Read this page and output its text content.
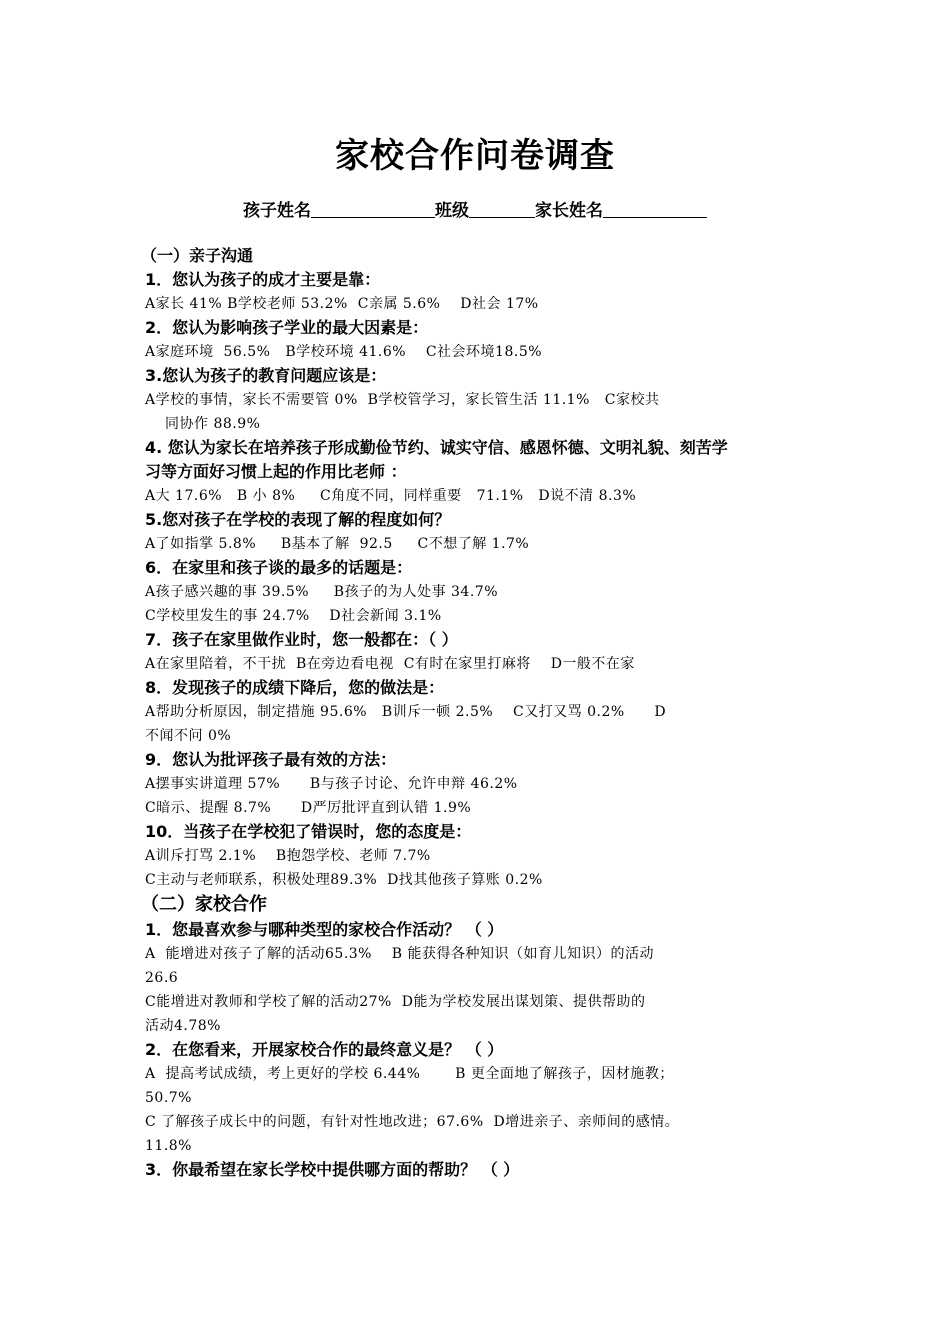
家校合作问卷调查
孩子姓名	班级	家长姓名
（一）亲子沟通
1．您认为孩子的成才主要是靠：
A家长 41% B学校老师 53.2%  C亲属 5.6%    D社会 17%
2．您认为影响孩子学业的最大因素是：
A家庭环境  56.5%   B学校环境 41.6%    C社会环境18.5%
3.您认为孩子的教育问题应该是：
A学校的事情，家长不需要管 0%  B学校管学习，家长管生活 11.1%   C家校共
同协作 88.9%
4. 您认为家长在培养孩子形成勤俭节约、诚实守信、感恩怀德、文明礼貌、刻苦学
习等方面好习惯上起的作用比老师 ：
A大 17.6%   B 小 8%     C角度不同，同样重要   71.1%   D说不清 8.3%
5.您对孩子在学校的表现了解的程度如何？
A了如指掌 5.8%     B基本了解  92.5     C不想了解 1.7%
6．在家里和孩子谈的最多的话题是：
A孩子感兴趣的事 39.5%     B孩子的为人处事 34.7%
C学校里发生的事 24.7%    D社会新闻 3.1%
7．孩子在家里做作业时，您一般都在：（ ）
A在家里陪着，不干扰  B在旁边看电视  C有时在家里打麻将    D一般不在家
8．发现孩子的成绩下降后，您的做法是：
A帮助分析原因，制定措施 95.6%   B训斥一顿 2.5%    C又打又骂 0.2%      D
不闻不问 0%
9．您认为批评孩子最有效的方法：
A摆事实讲道理 57%      B与孩子讨论、允许申辩 46.2%
C暗示、提醒 8.7%      D严厉批评直到认错 1.9%
10．当孩子在学校犯了错误时，您的态度是：
A训斥打骂 2.1%    B抱怨学校、老师 7.7%
C主动与老师联系，积极处理89.3%  D找其他孩子算账 0.2%
（二）家校合作
1．您最喜欢参与哪种类型的家校合作活动？ （ ）
A  能增进对孩子了解的活动65.3%    B 能获得各种知识（如育儿知识）的活动
26.6
C能增进对教师和学校了解的活动27%  D能为学校发展出谋划策、提供帮助的
活动4.78%
2．在您看来，开展家校合作的最终意义是？ （ ）
A  提高考试成绩，考上更好的学校 6.44%       B 更全面地了解孩子，因材施教；
50.7%
C 了解孩子成长中的问题，有针对性地改进；67.6%  D增进亲子、亲师间的感情。
11.8%
3．你最希望在家长学校中提供哪方面的帮助？ （ ）
